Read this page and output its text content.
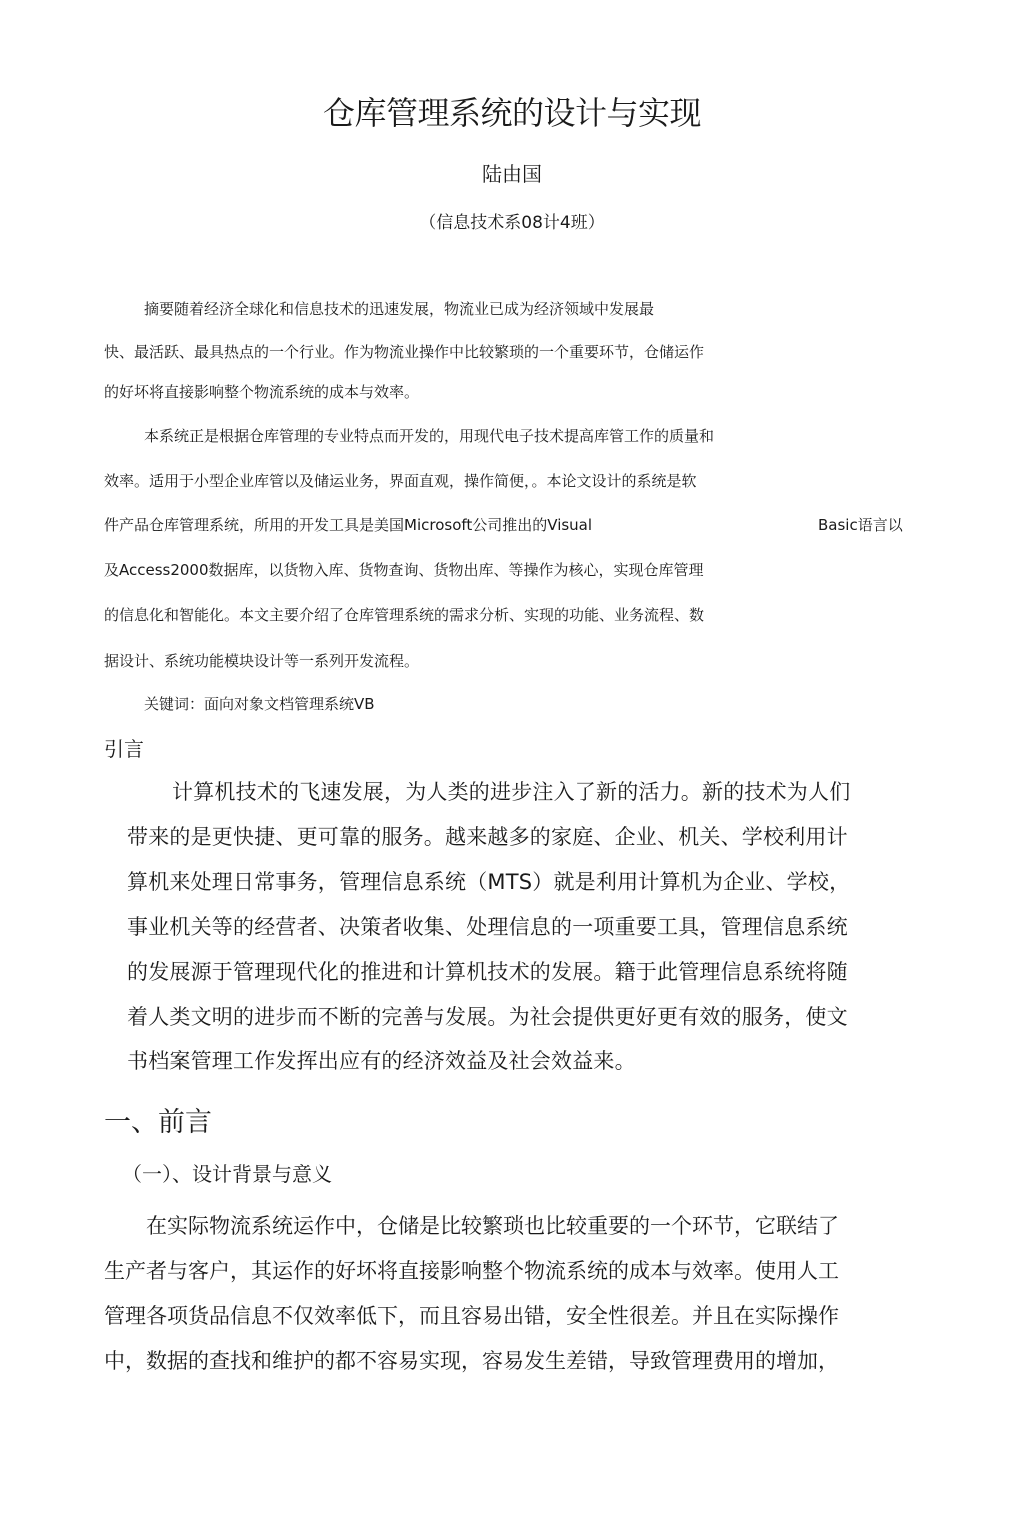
仓库管理系统的设计与实现
陆由国
（信息技术系08计4班）
摘要随着经济全球化和信息技术的迅速发展，物流业已成为经济领域中发展最
快、最活跃、最具热点的一个行业。作为物流业操作中比较繁琐的一个重要环节，仓储运作
的好坏将直接影响整个物流系统的成本与效率。
本系统正是根据仓库管理的专业特点而开发的，用现代电子技术提高库管工作的质量和
效率。适用于小型企业库管以及储运业务，界面直观，操作简便，。本论文设计的系统是软
件产品仓库管理系统，所用的开发工具是美国Microsoft公司推出的Visual	Basic语言以
及Access2000数据库，以货物入库、货物查询、货物出库、等操作为核心，实现仓库管理
的信息化和智能化。本文主要介绍了仓库管理系统的需求分析、实现的功能、业务流程、数
据设计、系统功能模块设计等一系列开发流程。
关键词：面向对象文档管理系统VB
引言
计算机技术的飞速发展，为人类的进步注入了新的活力。新的技术为人们
带来的是更快捷、更可靠的服务。越来越多的家庭、企业、机关、学校利用计
算机来处理日常事务，管理信息系统（MTS）就是利用计算机为企业、学校，
事业机关等的经营者、决策者收集、处理信息的一项重要工具，管理信息系统
的发展源于管理现代化的推进和计算机技术的发展。籍于此管理信息系统将随
着人类文明的进步而不断的完善与发展。为社会提供更好更有效的服务，使文
书档案管理工作发挥出应有的经济效益及社会效益来。
一、前言
（一）、设计背景与意义
在实际物流系统运作中，仓储是比较繁琐也比较重要的一个环节，它联结了
生产者与客户，其运作的好坏将直接影响整个物流系统的成本与效率。使用人工
管理各项货品信息不仅效率低下，而且容易出错，安全性很差。并且在实际操作
中，数据的查找和维护的都不容易实现，容易发生差错，导致管理费用的增加，
